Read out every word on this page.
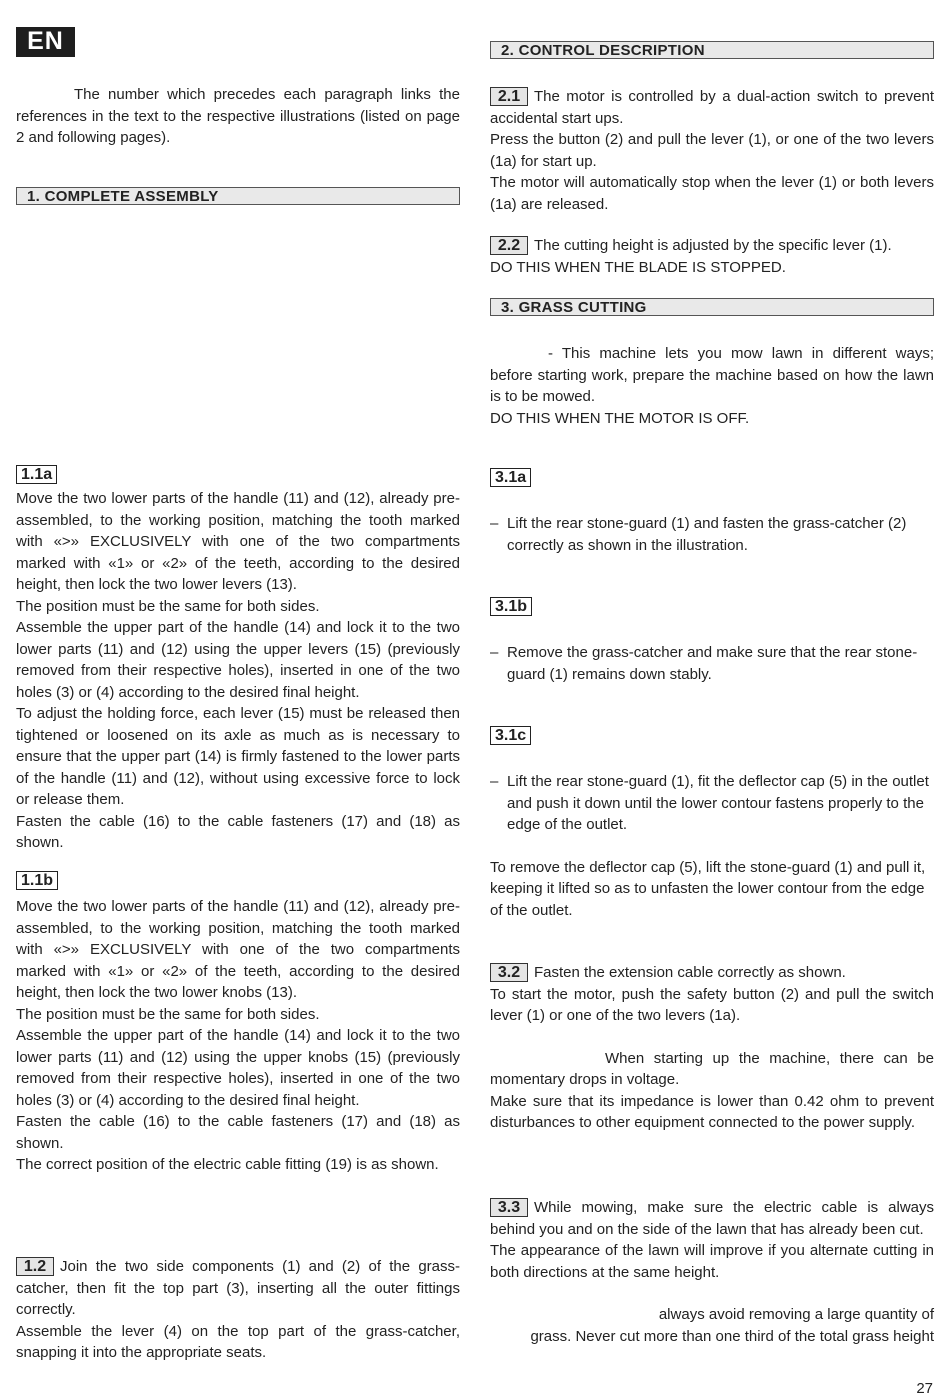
EN

The number which precedes each paragraph links the references in the text to the respective illustrations (listed on page 2 and following pages).

1. COMPLETE ASSEMBLY
1.1a

Move the two lower parts of the handle (11) and (12), already pre-assembled, to the working position, matching the tooth marked with «>» EXCLUSIVELY with one of the two compartments marked with «1» or «2» of the teeth, according to the desired height, then lock the two lower levers (13).

The position must be the same for both sides.

Assemble the upper part of the handle (14) and lock it to the two lower parts (11) and (12) using the upper levers (15) (previously removed from their respective holes), inserted in one of the two holes (3) or (4) according to the desired final height.

To adjust the holding force, each lever (15) must be released then tightened or loosened on its axle as much as is necessary to ensure that the upper part (14) is firmly fastened to the lower parts of the handle (11) and (12), without using excessive force to lock or release them.

Fasten the cable (16) to the cable fasteners (17) and (18) as shown.

1.1b

Move the two lower parts of the handle (11) and (12), already pre-assembled, to the working position, matching the tooth marked with «>» EXCLUSIVELY with one of the two compartments marked with «1» or «2» of the teeth, according to the desired height, then lock the two lower knobs (13).

The position must be the same for both sides.

Assemble the upper part of the handle (14) and lock it to the two lower parts (11) and (12) using the upper knobs (15) (previously removed from their respective holes), inserted in one of the two holes (3) or (4) according to the desired final height.

Fasten the cable (16) to the cable fasteners (17) and (18) as shown.

The correct position of the electric cable fitting (19) is as shown.

1.2 Join the two side components (1) and (2) of the grass-catcher, then fit the top part (3), inserting all the outer fittings correctly.

Assemble the lever (4) on the top part of the grass-catcher, snapping it into the appropriate seats.

2. CONTROL DESCRIPTION

2.1 The motor is controlled by a dual-action switch to prevent accidental start ups.

Press the button (2) and pull the lever (1), or one of the two levers (1a) for start up.

The motor will automatically stop when the lever (1) or both levers (1a) are released.

2.2 The cutting height is adjusted by the specific lever (1).

DO THIS WHEN THE BLADE IS STOPPED.

3. GRASS CUTTING

- This machine lets you mow lawn in different ways; before starting work, prepare the machine based on how the lawn is to be mowed.

DO THIS WHEN THE MOTOR IS OFF.

3.1a
– Lift the rear stone-guard (1) and fasten the grass-catcher (2) correctly as shown in the illustration.
3.1b
– Remove the grass-catcher and make sure that the rear stone-guard (1) remains down stably.
3.1c
– Lift the rear stone-guard (1), fit the deflector cap (5) in the outlet and push it down until the lower contour fastens properly to the edge of the outlet.

To remove the deflector cap (5), lift the stone-guard (1) and pull it, keeping it lifted so as to unfasten the lower contour from the edge of the outlet.

3.2 Fasten the extension cable correctly as shown.

To start the motor, push the safety button (2) and pull the switch lever (1) or one of the two levers (1a).

When starting up the machine, there can be momentary drops in voltage.

Make sure that its impedance is lower than 0.42 ohm to prevent disturbances to other equipment connected to the power supply.

3.3 While mowing, make sure the electric cable is always behind you and on the side of the lawn that has already been cut.

The appearance of the lawn will improve if you alternate cutting in both directions at the same height.

always avoid removing a large quantity of

grass. Never cut more than one third of the total grass height

27
